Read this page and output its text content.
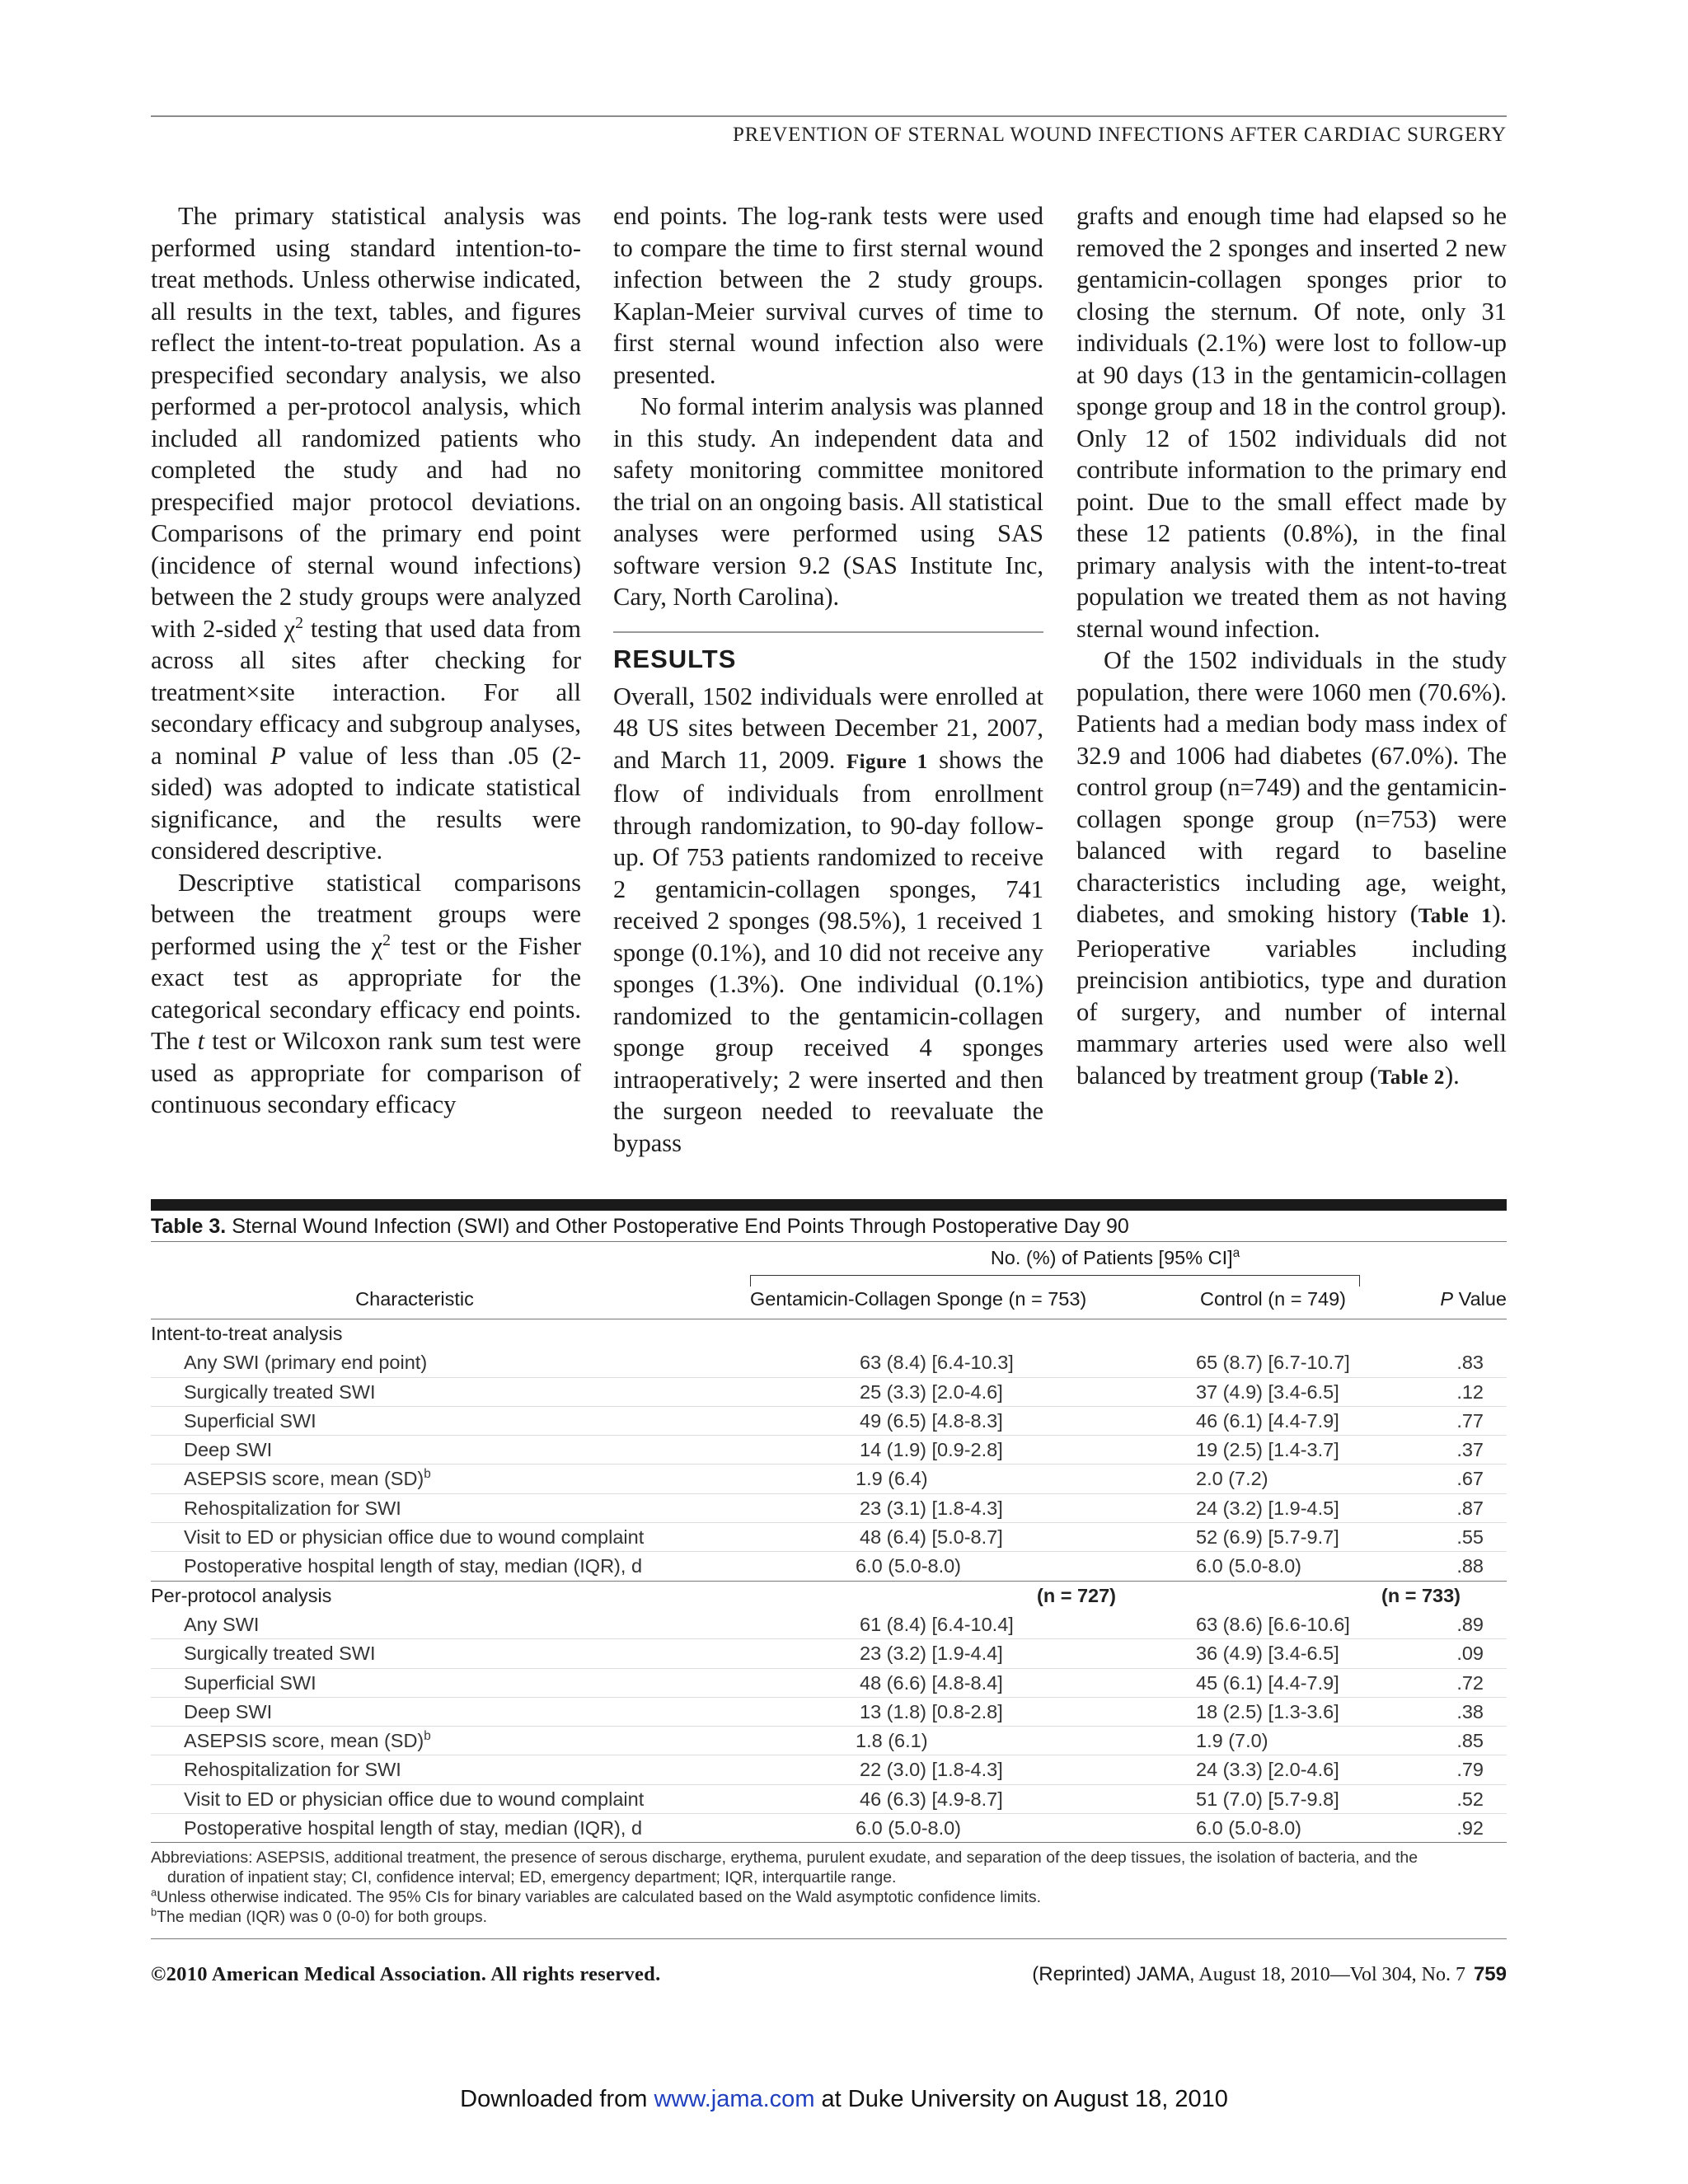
PREVENTION OF STERNAL WOUND INFECTIONS AFTER CARDIAC SURGERY

The primary statistical analysis was performed using standard intention-to-treat methods. Unless otherwise indicated, all results in the text, tables, and figures reflect the intent-to-treat population. As a prespecified secondary analysis, we also performed a per-protocol analysis, which included all randomized patients who completed the study and had no prespecified major protocol deviations. Comparisons of the primary end point (incidence of sternal wound infections) between the 2 study groups were analyzed with 2-sided $\chi^2$ testing that used data from across all sites after checking for treatment×site interaction. For all secondary efficacy and subgroup analyses, a nominal P value of less than .05 (2-sided) was adopted to indicate statistical significance, and the results were considered descriptive.

Descriptive statistical comparisons between the treatment groups were performed using the $\chi^2$ test or the Fisher exact test as appropriate for the categorical secondary efficacy end points. The t test or Wilcoxon rank sum test were used as appropriate for comparison of continuous secondary efficacy

end points. The log-rank tests were used to compare the time to first sternal wound infection between the 2 study groups. Kaplan-Meier survival curves of time to first sternal wound infection also were presented.

No formal interim analysis was planned in this study. An independent data and safety monitoring committee monitored the trial on an ongoing basis. All statistical analyses were performed using SAS software version 9.2 (SAS Institute Inc, Cary, North Carolina).

RESULTS

Overall, 1502 individuals were enrolled at 48 US sites between December 21, 2007, and March 11, 2009. Figure 1 shows the flow of individuals from enrollment through randomization, to 90-day follow-up. Of 753 patients randomized to receive 2 gentamicin-collagen sponges, 741 received 2 sponges (98.5%), 1 received 1 sponge (0.1%), and 10 did not receive any sponges (1.3%). One individual (0.1%) randomized to the gentamicin-collagen sponge group received 4 sponges intraoperatively; 2 were inserted and then the surgeon needed to reevaluate the bypass

grafts and enough time had elapsed so he removed the 2 sponges and inserted 2 new gentamicin-collagen sponges prior to closing the sternum. Of note, only 31 individuals (2.1%) were lost to follow-up at 90 days (13 in the gentamicin-collagen sponge group and 18 in the control group). Only 12 of 1502 individuals did not contribute information to the primary end point. Due to the small effect made by these 12 patients (0.8%), in the final primary analysis with the intent-to-treat population we treated them as not having sternal wound infection.

Of the 1502 individuals in the study population, there were 1060 men (70.6%). Patients had a median body mass index of 32.9 and 1006 had diabetes (67.0%). The control group (n=749) and the gentamicin-collagen sponge group (n=753) were balanced with regard to baseline characteristics including age, weight, diabetes, and smoking history (Table 1). Perioperative variables including preincision antibiotics, type and duration of surgery, and number of internal mammary arteries used were also well balanced by treatment group (Table 2).

Table 3. Sternal Wound Infection (SWI) and Other Postoperative End Points Through Postoperative Day 90
No. (%) of Patients [95% CI]$^a$
Characteristic	Gentamicin-Collagen Sponge (n = 753)	Control (n = 749)	P Value
Intent-to-treat analysis
Any SWI (primary end point)	63 (8.4) [6.4-10.3]	65 (8.7) [6.7-10.7]	.83
Surgically treated SWI	25 (3.3) [2.0-4.6]	37 (4.9) [3.4-6.5]	.12
Superficial SWI	49 (6.5) [4.8-8.3]	46 (6.1) [4.4-7.9]	.77
Deep SWI	14 (1.9) [0.9-2.8]	19 (2.5) [1.4-3.7]	.37
ASEPSIS score, mean (SD)$^b$	1.9 (6.4)	2.0 (7.2)	.67
Rehospitalization for SWI	23 (3.1) [1.8-4.3]	24 (3.2) [1.9-4.5]	.87
Visit to ED or physician office due to wound complaint	48 (6.4) [5.0-8.7]	52 (6.9) [5.7-9.7]	.55
Postoperative hospital length of stay, median (IQR), d	6.0 (5.0-8.0)	6.0 (5.0-8.0)	.88
Per-protocol analysis	(n = 727)	(n = 733)
Any SWI	61 (8.4) [6.4-10.4]	63 (8.6) [6.6-10.6]	.89
Surgically treated SWI	23 (3.2) [1.9-4.4]	36 (4.9) [3.4-6.5]	.09
Superficial SWI	48 (6.6) [4.8-8.4]	45 (6.1) [4.4-7.9]	.72
Deep SWI	13 (1.8) [0.8-2.8]	18 (2.5) [1.3-3.6]	.38
ASEPSIS score, mean (SD)$^b$	1.8 (6.1)	1.9 (7.0)	.85
Rehospitalization for SWI	22 (3.0) [1.8-4.3]	24 (3.3) [2.0-4.6]	.79
Visit to ED or physician office due to wound complaint	46 (6.3) [4.9-8.7]	51 (7.0) [5.7-9.8]	.52
Postoperative hospital length of stay, median (IQR), d	6.0 (5.0-8.0)	6.0 (5.0-8.0)	.92
Abbreviations: ASEPSIS, additional treatment, the presence of serous discharge, erythema, purulent exudate, and separation of the deep tissues, the isolation of bacteria, and the
duration of inpatient stay; CI, confidence interval; ED, emergency department; IQR, interquartile range.
$^a$Unless otherwise indicated. The 95% CIs for binary variables are calculated based on the Wald asymptotic confidence limits.
$^b$The median (IQR) was 0 (0-0) for both groups.
©2010 American Medical Association. All rights reserved.	(Reprinted) JAMA, August 18, 2010—Vol 304, No. 7 759
Downloaded from www.jama.com at Duke University on August 18, 2010
